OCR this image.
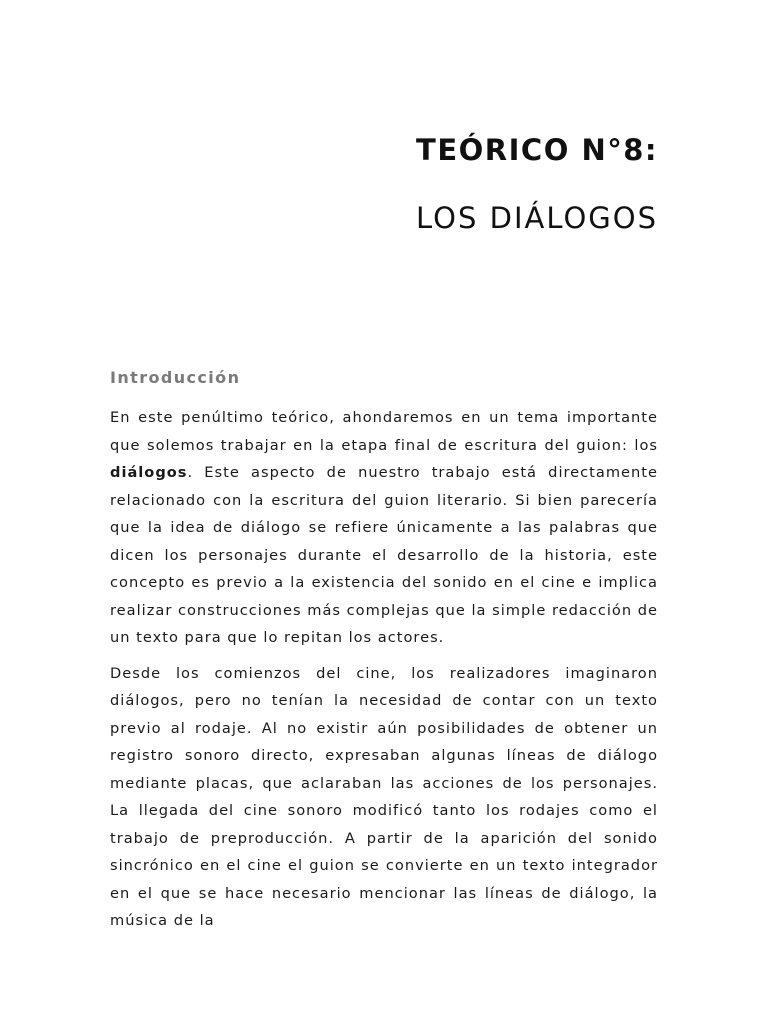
TEÓRICO N°8:
LOS DIÁLOGOS
Introducción

En este penúltimo teórico, ahondaremos en un tema importante que solemos trabajar en la etapa final de escritura del guion: los diálogos. Este aspecto de nuestro trabajo está directamente relacionado con la escritura del guion literario. Si bien parecería que la idea de diálogo se refiere únicamente a las palabras que dicen los personajes durante el desarrollo de la historia, este concepto es previo a la existencia del sonido en el cine e implica realizar construcciones más complejas que la simple redacción de un texto para que lo repitan los actores.

Desde los comienzos del cine, los realizadores imaginaron diálogos, pero no tenían la necesidad de contar con un texto previo al rodaje. Al no existir aún posibilidades de obtener un registro sonoro directo, expresaban algunas líneas de diálogo mediante placas, que aclaraban las acciones de los personajes. La llegada del cine sonoro modificó tanto los rodajes como el trabajo de preproducción. A partir de la aparición del sonido sincrónico en el cine el guion se convierte en un texto integrador en el que se hace necesario mencionar las líneas de diálogo, la música de la
